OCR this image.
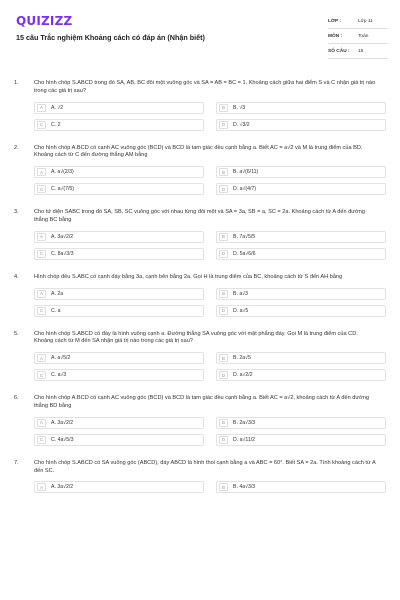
QUIZIZZ
15 câu Trắc nghiệm Khoảng cách có đáp án (Nhận biết)
LỚP :	Lớp 11
MÔN :	Toán
SỐ CÂU :	15
1.	Cho hình chóp S.ABCD trong đó SA, AB, BC đôi một vuông góc và SA = AB = BC = 1. Khoảng cách giữa hai điểm S và C nhận giá trị nào trong các giá trị sau?
A	A. √2	B	B. √3
C	C. 2	D	D. √3/2
2.	Cho hình chóp A.BCD có cạnh AC vuông góc (BCD) và BCD là tam giác đều cạnh bằng a. Biết AC = a√2 và M là trung điểm của BD. Khoảng cách từ C đến đường thẳng AM bằng
A	A. a√(2/3)	B	B. a√(6/11)
C	C. a√(7/5)	D	D. a√(4/7)
3.	Cho tứ diện SABC trong đó SA, SB, SC vuông góc với nhau từng đôi một và SA = 3a, SB = a, SC = 2a. Khoảng cách từ A đến đường thẳng BC bằng
A	A. 3a√2/2	B	B. 7a√5/5
C	C. 8a√3/3	D	D. 5a√6/6
4.	Hình chóp đều S.ABC có cạnh đáy bằng 3a, cạnh bên bằng 2a. Gọi H là trung điểm của BC, khoảng cách từ S đến AH bằng
A	A. 2a	B	B. a√3
C	C. a	D	D. a√5
5.	Cho hình chóp S.ABCD có đáy là hình vuông cạnh a. Đường thẳng SA vuông góc với mặt phẳng đáy. Gọi M là trung điểm của CD. Khoảng cách từ M đến SA nhận giá trị nào trong các giá trị sau?
A	A. a√5/2	B	B. 2a√5
C	C. a√3	D	D. a√2/2
6.	Cho hình chóp A.BCD có cạnh AC vuông góc (BCD) và BCD là tam giác đều cạnh bằng a. Biết AC = a√2, khoảng cách từ A đến đường thẳng BD bằng
A	A. 3a√2/2	B	B. 2a√3/3
C	C. 4a√5/3	D	D. a√11/2
7.	Cho hình chóp S.ABCD có SA vuông góc (ABCD), đáy ABCD là hình thoi cạnh bằng a và ABC = 60°. Biết SA = 2a. Tính khoảng cách từ A đến SC.
A	A. 3a√2/2	B	B. 4a√3/3
